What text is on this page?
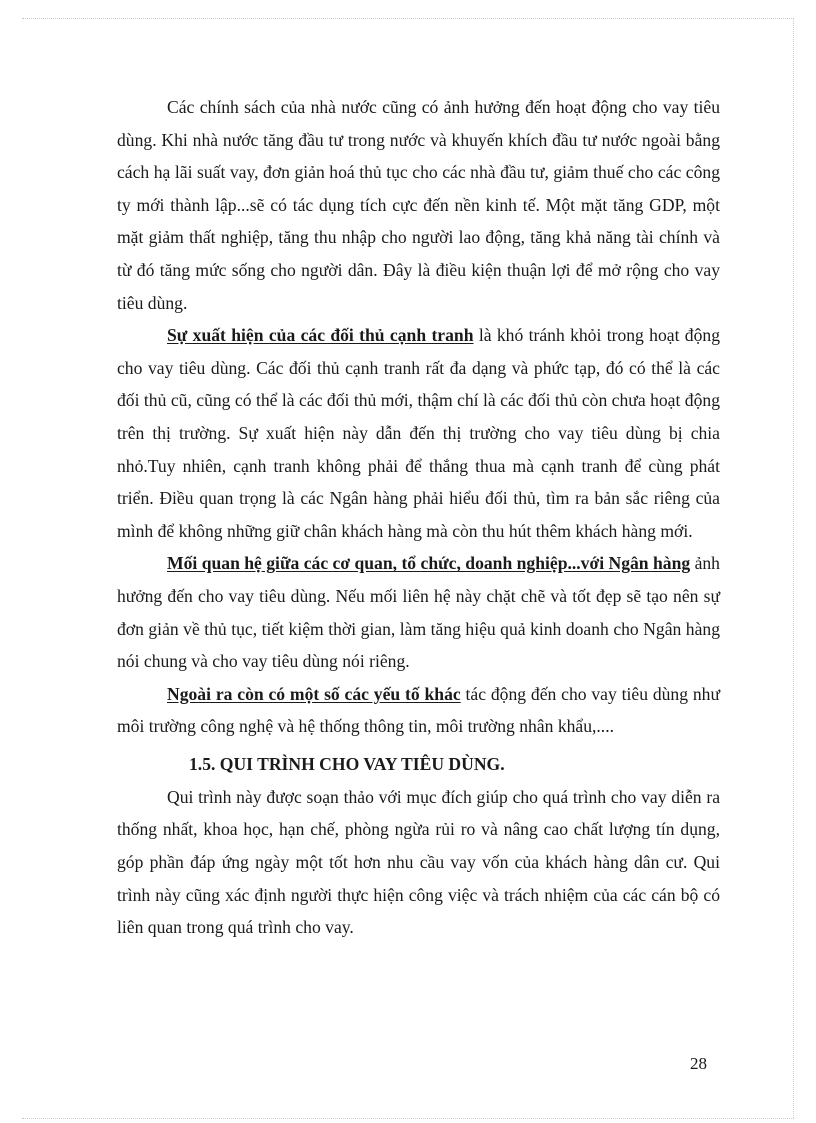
Các chính sách của nhà nước cũng có ảnh hưởng đến hoạt động cho vay tiêu dùng. Khi nhà nước tăng đầu tư trong nước và khuyến khích đầu tư nước ngoài bằng cách hạ lãi suất vay, đơn giản hoá thủ tục cho các nhà đầu tư, giảm thuế cho các công ty mới thành lập...sẽ có tác dụng tích cực đến nền kinh tế. Một mặt tăng GDP, một mặt giảm thất nghiệp, tăng thu nhập cho người lao động, tăng khả năng tài chính và từ đó tăng mức sống cho người dân. Đây là điều kiện thuận lợi để mở rộng cho vay tiêu dùng.

Sự xuất hiện của các đối thủ cạnh tranh là khó tránh khỏi trong hoạt động cho vay tiêu dùng. Các đối thủ cạnh tranh rất đa dạng và phức tạp, đó có thể là các đối thủ cũ, cũng có thể là các đối thủ mới, thậm chí là các đối thủ còn chưa hoạt động trên thị trường. Sự xuất hiện này dẫn đến thị trường cho vay tiêu dùng bị chia nhỏ.Tuy nhiên, cạnh tranh không phải để thắng thua mà cạnh tranh để cùng phát triển. Điều quan trọng là các Ngân hàng phải hiểu đối thủ, tìm ra bản sắc riêng của mình để không những giữ chân khách hàng mà còn thu hút thêm khách hàng mới.

Mối quan hệ giữa các cơ quan, tổ chức, doanh nghiệp...với Ngân hàng ảnh hưởng đến cho vay tiêu dùng. Nếu mối liên hệ này chặt chẽ và tốt đẹp sẽ tạo nên sự đơn giản về thủ tục, tiết kiệm thời gian, làm tăng hiệu quả kinh doanh cho Ngân hàng nói chung và cho vay tiêu dùng nói riêng.

Ngoài ra còn có một số các yếu tố khác tác động đến cho vay tiêu dùng như môi trường công nghệ và hệ thống thông tin, môi trường nhân khẩu,....

1.5. QUI TRÌNH CHO VAY TIÊU DÙNG.

Qui trình này được soạn thảo với mục đích giúp cho quá trình cho vay diễn ra thống nhất, khoa học, hạn chế, phòng ngừa rủi ro và nâng cao chất lượng tín dụng, góp phần đáp ứng ngày một tốt hơn nhu cầu vay vốn của khách hàng dân cư. Qui trình này cũng xác định người thực hiện công việc và trách nhiệm của các cán bộ có liên quan trong quá trình cho vay.

28
